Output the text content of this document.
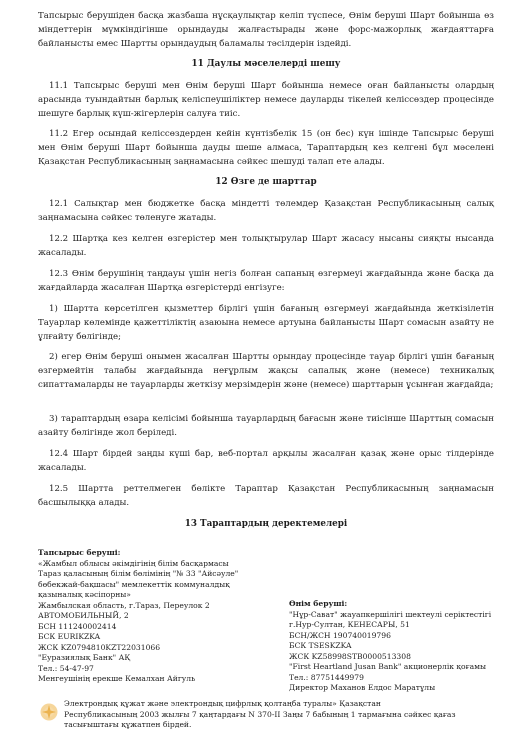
Тапсырыс берушіден басқа жазбаша нұсқаулықтар келіп түспесе, Өнім беруші Шарт бойынша өз міндеттерін мүмкіндігінше орындауды жалғастырады және форс-мажорлық жағдаяттарға байланысты емес Шартты орындаудың баламалы тәсілдерін іздейді.

11 Даулы мәселелерді шешу

11.1 Тапсырыс беруші мен Өнім беруші Шарт бойынша немесе оған байланысты олардың арасында туындайтын барлық келіспеушіліктер немесе дауларды тікелей келіссөздер процесінде шешуге барлық күш-жігерлерін салуға тиіс.

11.2 Егер осындай келіссөздерден кейін күнтізбелік 15 (он бес) күн ішінде Тапсырыс беруші мен Өнім беруші Шарт бойынша дауды шеше алмаса, Тараптардың кез келгені бұл мәселені Қазақстан Республикасының заңнамасына сәйкес шешуді талап ете алады.

12 Өзге де шарттар

12.1 Салықтар мен бюджетке басқа міндетті төлемдер Қазақстан Республикасының салық заңнамасына сәйкес төленуге жатады.

12.2 Шартқа кез келген өзгерістер мен толықтырулар Шарт жасасу нысаны сияқты нысанда жасалады.

12.3 Өнім берушінің таңдауы үшін негіз болған сапаның өзгермеуі жағдайында және басқа да жағдайларда жасалған Шартқа өзгерістерді енгізуге:

1) Шартта көрсетілген қызметтер бірлігі үшін бағаның өзгермеуі жағдайында жеткізілетін Тауарлар көлемінде қажеттіліктің азаюына немесе артуына байланысты Шарт сомасын азайту не ұлғайту бөлігінде;

2) егер Өнім беруші онымен жасалған Шартты орындау процесінде тауар бірлігі үшін бағаның өзгермейтін талабы жағдайында неғұрлым жақсы сапалық және (немесе) техникалық сипаттамаларды не тауарларды жеткізу мерзімдерін және (немесе) шарттарын ұсынған жағдайда;

3) тараптардың өзара келісімі бойынша тауарлардың бағасын және тиісінше Шарттың сомасын азайту бөлігінде жол беріледі.

12.4 Шарт бірдей заңды күші бар, веб-портал арқылы жасалған қазақ және орыс тілдерінде жасалады.

12.5 Шартта реттелмеген бөлікте Тараптар Қазақстан Республикасының заңнамасын басшылыққа алады.

13 Тараптардың деректемелері

Тапсырыс беруші:

«Жамбыл облысы әкімдігінің білім басқармасы

Тараз қаласының білім бөлімінің "№ 33 "Айсәуле"

бөбекжай-бақшасы" мемлекеттік коммуналдық

қазыналық кәсіпорны»

Жамбылская область, г.Тараз, Переулок 2

АВТОМОБИЛЬНЫЙ, 2

БСН 111240002414

БСК EURIKZKA

ЖСК KZ0794810KZT22031066

"Еуразиялық Банк" АҚ

Тел.: 54-47-97

Менгеушінің ерекше Кемалхан Айгуль

Өнім беруші:

"Нұр-Сават" жауапкершілігі шектеулі серіктестігі

г.Нур-Султан, КЕНЕСАРЫ, 51

БСН/ЖСН 190740019796

БСК TSESKZKA

ЖСК KZ58998STB0000513308

"First Heartland Jusan Bank" акционерлік қоғамы

Тел.: 87751449979

Директор Маханов Елдос Маратұлы

Электрондық құжат және электрондық цифрлық қолтаңба туралы» Қазақстан

Республикасының 2003 жылғы 7 қаңтардағы N 370-II Заңы 7 бабының 1 тармағына сәйкес қағаз

тасығыштағы құжатпен бірдей.
